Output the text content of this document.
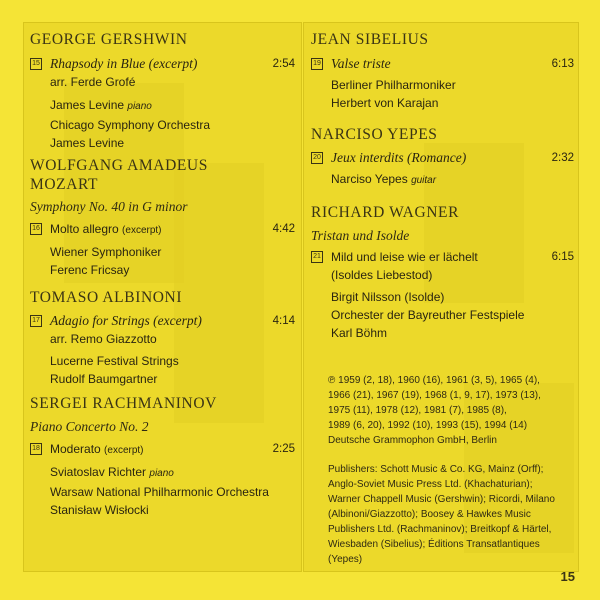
GEORGE GERSHWIN

15 Rhapsody in Blue (excerpt)	2:54
arr. Ferde Grofé
James Levine piano
Chicago Symphony Orchestra
James Levine

WOLFGANG AMADEUS

MOZART

Symphony No. 40 in G minor

16 Molto allegro (excerpt)	4:42
Wiener Symphoniker
Ferenc Fricsay

TOMASO ALBINONI

17 Adagio for Strings (excerpt)	4:14
arr. Remo Giazzotto
Lucerne Festival Strings
Rudolf Baumgartner

SERGEI RACHMANINOV

Piano Concerto No. 2

18 Moderato (excerpt)	2:25
Sviatoslav Richter piano
Warsaw National Philharmonic Orchestra
Stanisław Wisłocki

JEAN SIBELIUS

19 Valse triste	6:13
Berliner Philharmoniker
Herbert von Karajan

NARCISO YEPES

20 Jeux interdits (Romance)	2:32
Narciso Yepes guitar

RICHARD WAGNER

Tristan und Isolde

21 Mild und leise wie er lächelt	6:15
(Isoldes Liebestod)
Birgit Nilsson (Isolde)
Orchester der Bayreuther Festspiele
Karl Böhm

℗ 1959 (2, 18), 1960 (16), 1961 (3, 5), 1965 (4),

1966 (21), 1967 (19), 1968 (1, 9, 17), 1973 (13),

1975 (11), 1978 (12), 1981 (7), 1985 (8),

1989 (6, 20), 1992 (10), 1993 (15), 1994 (14)

Deutsche Grammophon GmbH, Berlin

Publishers: Schott Music & Co. KG, Mainz (Orff);

Anglo-Soviet Music Press Ltd. (Khachaturian);

Warner Chappell Music (Gershwin); Ricordi, Milano

(Albinoni/Giazzotto); Boosey & Hawkes Music

Publishers Ltd. (Rachmaninov); Breitkopf & Härtel,

Wiesbaden (Sibelius); Éditions Transatlantiques

(Yepes)

15
